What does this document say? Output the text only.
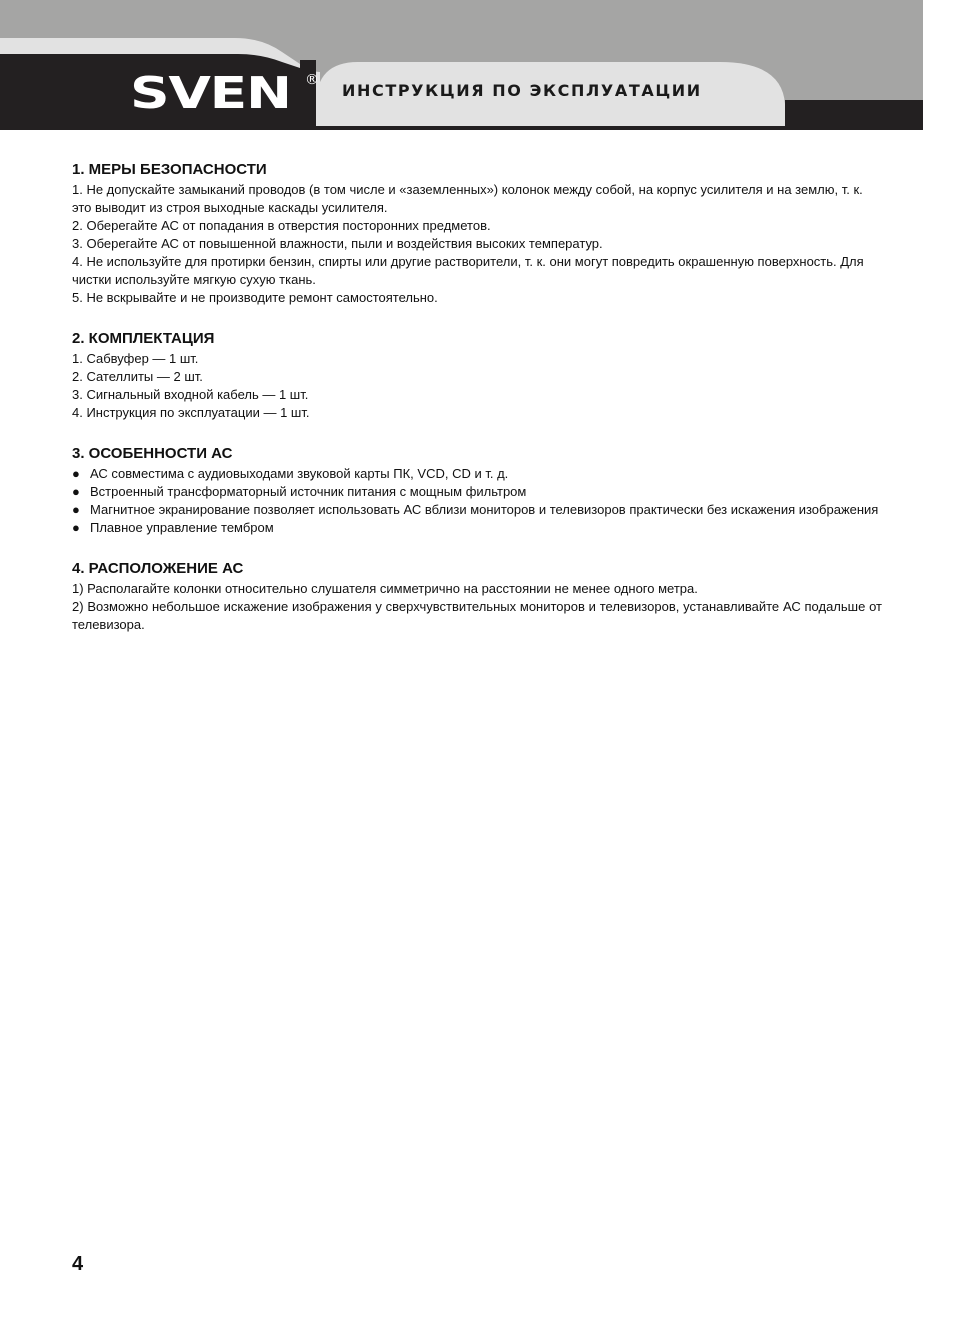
SVEN ®
ИНСТРУКЦИЯ ПО ЭКСПЛУАТАЦИИ
1. МЕРЫ БЕЗОПАСНОСТИ

1. Не допускайте замыканий проводов (в том числе и «заземленных») колонок между собой, на корпус усилителя и на землю, т. к. это выводит из строя выходные каскады усилителя.

2. Оберегайте АС от попадания в отверстия посторонних предметов.

3. Оберегайте АС от повышенной влажности, пыли и воздействия высоких температур.

4. Не используйте для протирки бензин, спирты или другие растворители, т. к. они могут повредить окрашенную поверхность. Для чистки используйте мягкую сухую ткань.

5. Не вскрывайте и не производите ремонт самостоятельно.

2. КОМПЛЕКТАЦИЯ

1. Сабвуфер — 1 шт.

2. Сателлиты — 2 шт.

3. Сигнальный входной кабель — 1 шт.

4. Инструкция по эксплуатации — 1 шт.

3. ОСОБЕННОСТИ АС
● АС совместима с аудиовыходами звуковой карты ПК, VCD, CD и т. д.
● Встроенный трансформаторный источник питания с мощным фильтром
● Магнитное экранирование позволяет использовать АС вблизи мониторов и телевизоров практически без искажения изображения
● Плавное управление тембром
4. РАСПОЛОЖЕНИЕ АС

1) Располагайте колонки относительно слушателя симметрично на расстоянии не менее одного метра.

2) Возможно небольшое искажение изображения у сверхчувствительных мониторов и телевизоров, устанавливайте АС подальше от телевизора.

4
